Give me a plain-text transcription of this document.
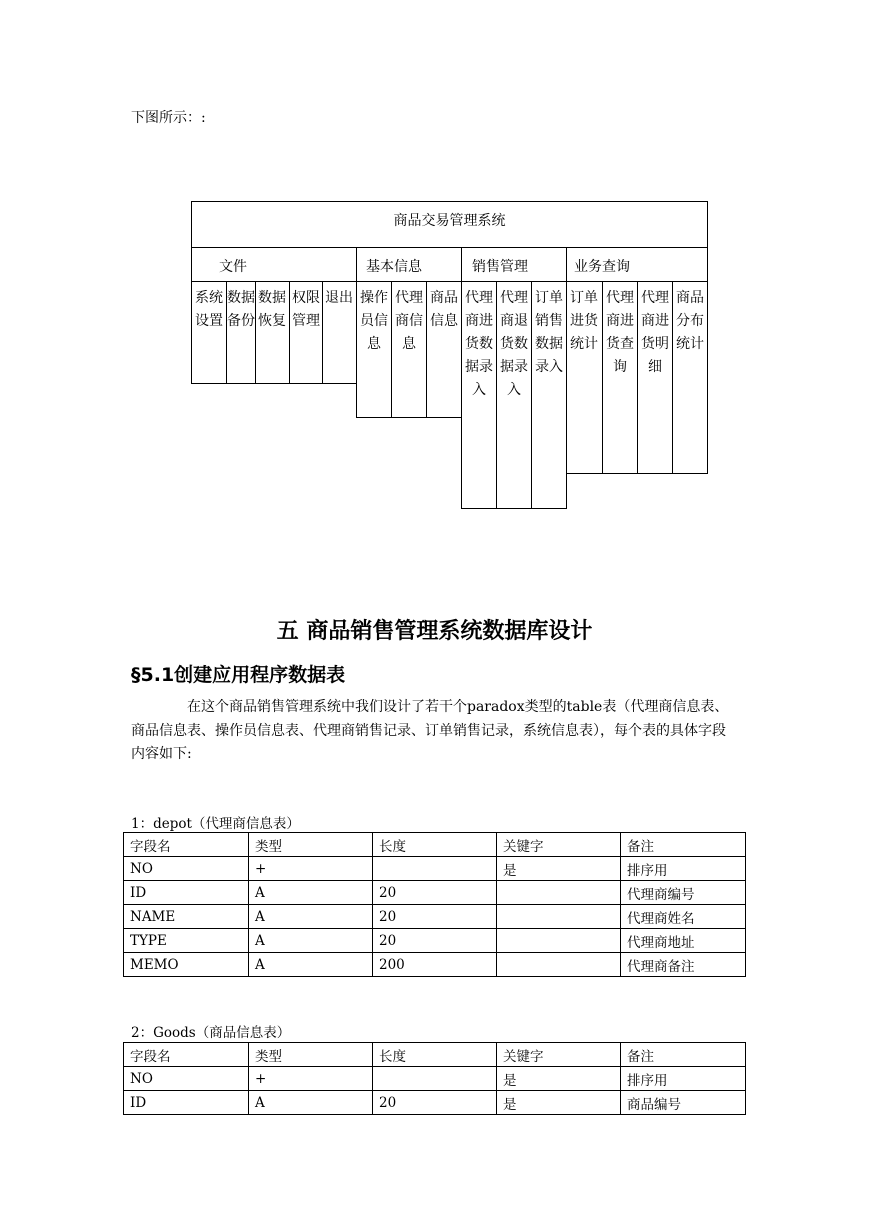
下图所示：:
商品交易管理系统
文件	基本信息	销售管理	业务查询
系统设置
数据备份
数据恢复
权限管理
退出 操作员信息
代理商信息
商品信息
代理商进货数据录入
代理商退货数据录入
订单销售数据录入
订单进货统计
代理商进货查询
代理商进货明细
商品分布统计
五 商品销售管理系统数据库设计
§5.1创建应用程序数据表
在这个商品销售管理系统中我们设计了若干个paradox类型的table表（代理商信息表、商品信息表、操作员信息表、代理商销售记录、订单销售记录，系统信息表），每个表的具体字段内容如下:
1：depot（代理商信息表）
字段名	类型	长度	关键字	备注
NO	+		是	排序用
ID	A	20		代理商编号
NAME	A	20		代理商姓名
TYPE	A	20		代理商地址
MEMO	A	200		代理商备注
2：Goods（商品信息表）
字段名	类型	长度	关键字	备注
NO	+		是	排序用
ID	A	20	是	商品编号
